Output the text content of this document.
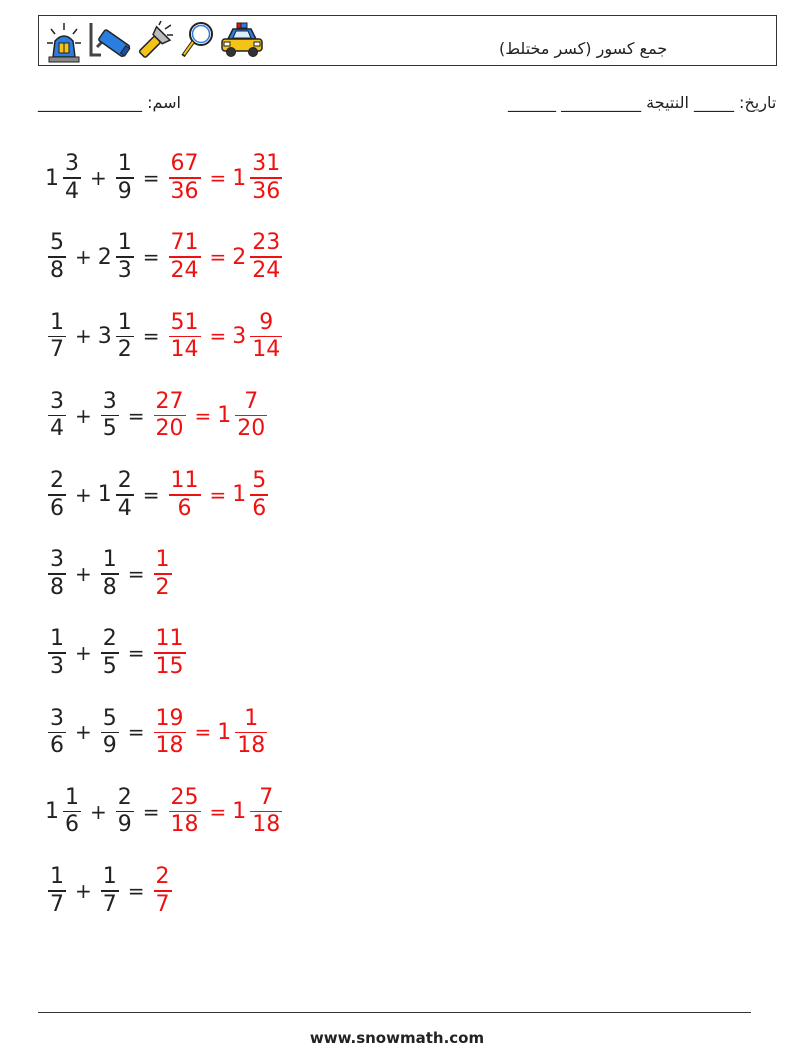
جمع كسور (كسر مختلط)
اسم: _____________	تاريخ: _____ النتيجة __________ ______
$1 \frac{3}{4} + \frac{1}{9} = \frac{67}{36} = 1 \frac{31}{36}$
$\frac{5}{8} + 2 \frac{1}{3} = \frac{71}{24} = 2 \frac{23}{24}$
$\frac{1}{7} + 3 \frac{1}{2} = \frac{51}{14} = 3 \frac{9}{14}$
$\frac{3}{4} + \frac{3}{5} = \frac{27}{20} = 1 \frac{7}{20}$
$\frac{2}{6} + 1 \frac{2}{4} = \frac{11}{6} = 1 \frac{5}{6}$
$\frac{3}{8} + \frac{1}{8} = \frac{1}{2}$
$\frac{1}{3} + \frac{2}{5} = \frac{11}{15}$
$\frac{3}{6} + \frac{5}{9} = \frac{19}{18} = 1 \frac{1}{18}$
$1 \frac{1}{6} + \frac{2}{9} = \frac{25}{18} = 1 \frac{7}{18}$
$\frac{1}{7} + \frac{1}{7} = \frac{2}{7}$
www.snowmath.com
